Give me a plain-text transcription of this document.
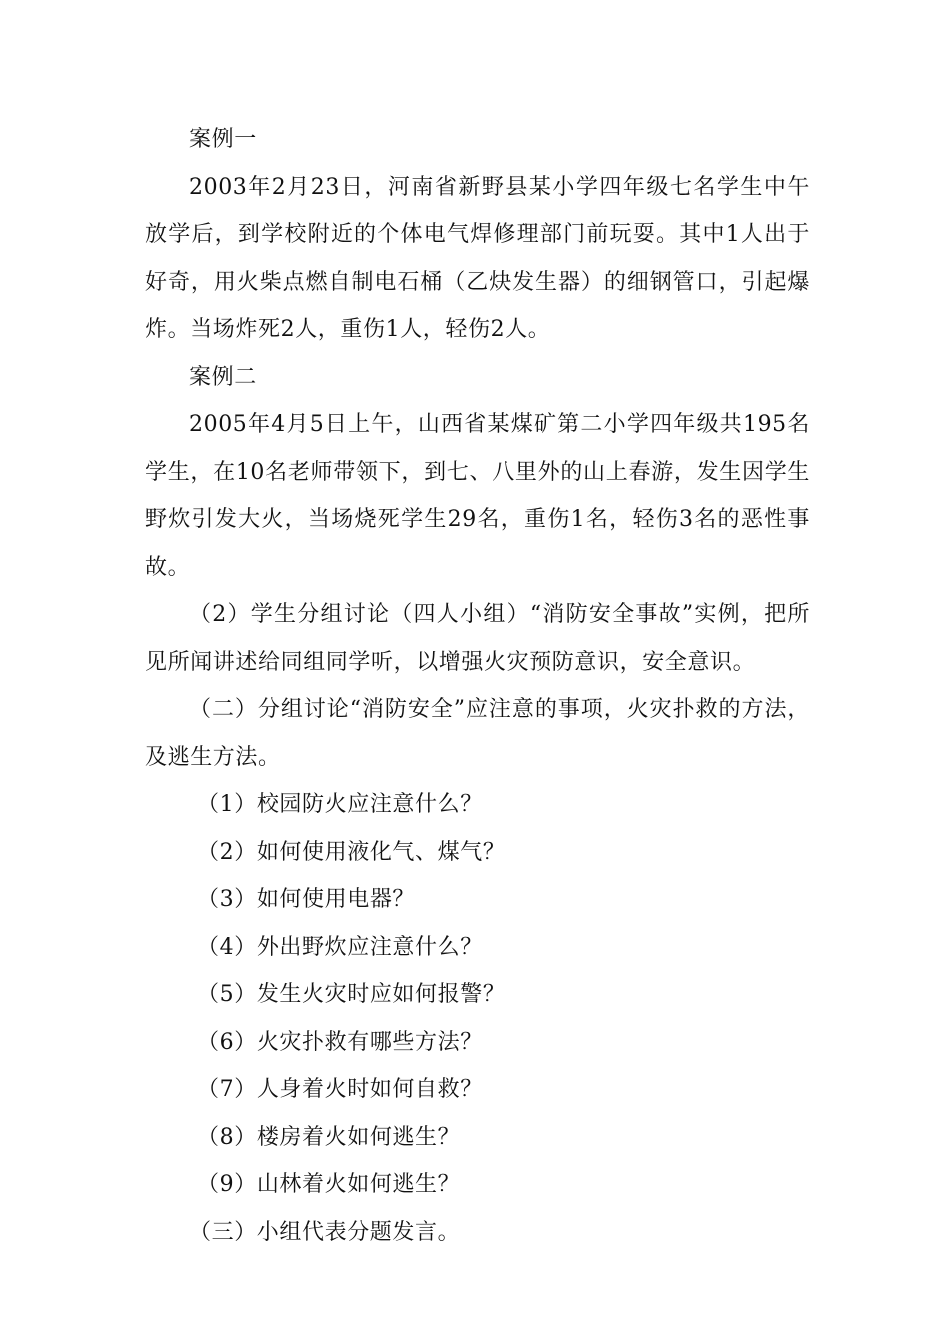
案例一

2003年2月23日，河南省新野县某小学四年级七名学生中午放学后，到学校附近的个体电气焊修理部门前玩耍。其中1人出于好奇，用火柴点燃自制电石桶（乙炔发生器）的细钢管口，引起爆炸。当场炸死2人，重伤1人，轻伤2人。

案例二

2005年4月5日上午，山西省某煤矿第二小学四年级共195名学生，在10名老师带领下，到七、八里外的山上春游，发生因学生野炊引发大火，当场烧死学生29名，重伤1名，轻伤3名的恶性事故。

（2）学生分组讨论（四人小组）“消防安全事故”实例，把所见所闻讲述给同组同学听，以增强火灾预防意识，安全意识。

（二）分组讨论“消防安全”应注意的事项，火灾扑救的方法，及逃生方法。

（1）校园防火应注意什么？
（2）如何使用液化气、煤气？
（3）如何使用电器？
（4）外出野炊应注意什么？
（5）发生火灾时应如何报警？
（6）火灾扑救有哪些方法？
（7）人身着火时如何自救？
（8）楼房着火如何逃生？
（9）山林着火如何逃生？

（三）小组代表分题发言。
